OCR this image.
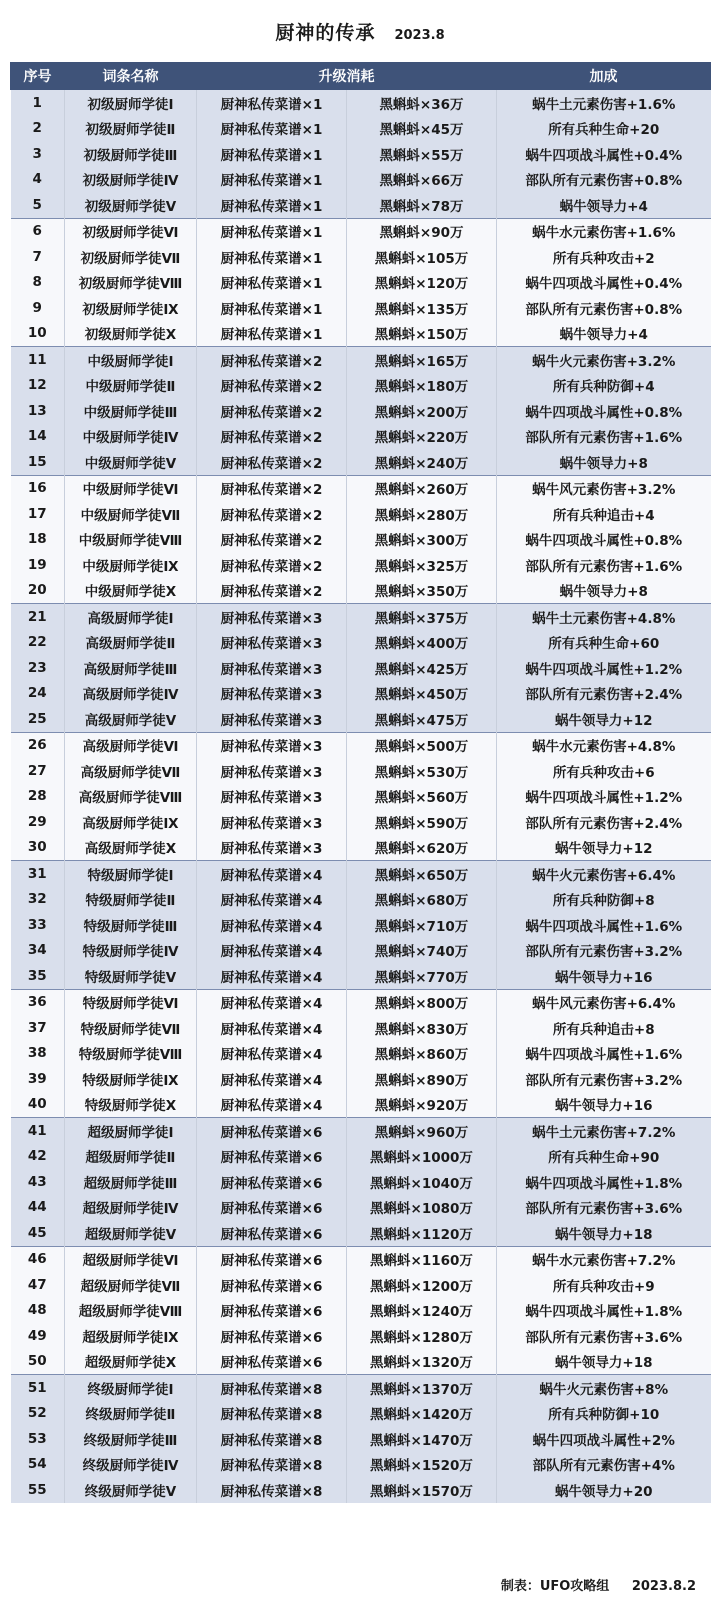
厨神的传承 2023.8
序号	词条名称	升级消耗		加成
1	初级厨师学徒Ⅰ	厨神私传菜谱×1	黑蝌蚪×36万	蜗牛土元素伤害+1.6%
2	初级厨师学徒Ⅱ	厨神私传菜谱×1	黑蝌蚪×45万	所有兵种生命+20
3	初级厨师学徒Ⅲ	厨神私传菜谱×1	黑蝌蚪×55万	蜗牛四项战斗属性+0.4%
4	初级厨师学徒Ⅳ	厨神私传菜谱×1	黑蝌蚪×66万	部队所有元素伤害+0.8%
5	初级厨师学徒Ⅴ	厨神私传菜谱×1	黑蝌蚪×78万	蜗牛领导力+4
6	初级厨师学徒Ⅵ	厨神私传菜谱×1	黑蝌蚪×90万	蜗牛水元素伤害+1.6%
7	初级厨师学徒Ⅶ	厨神私传菜谱×1	黑蝌蚪×105万	所有兵种攻击+2
8	初级厨师学徒Ⅷ	厨神私传菜谱×1	黑蝌蚪×120万	蜗牛四项战斗属性+0.4%
9	初级厨师学徒Ⅸ	厨神私传菜谱×1	黑蝌蚪×135万	部队所有元素伤害+0.8%
10	初级厨师学徒Ⅹ	厨神私传菜谱×1	黑蝌蚪×150万	蜗牛领导力+4
11	中级厨师学徒Ⅰ	厨神私传菜谱×2	黑蝌蚪×165万	蜗牛火元素伤害+3.2%
12	中级厨师学徒Ⅱ	厨神私传菜谱×2	黑蝌蚪×180万	所有兵种防御+4
13	中级厨师学徒Ⅲ	厨神私传菜谱×2	黑蝌蚪×200万	蜗牛四项战斗属性+0.8%
14	中级厨师学徒Ⅳ	厨神私传菜谱×2	黑蝌蚪×220万	部队所有元素伤害+1.6%
15	中级厨师学徒Ⅴ	厨神私传菜谱×2	黑蝌蚪×240万	蜗牛领导力+8
16	中级厨师学徒Ⅵ	厨神私传菜谱×2	黑蝌蚪×260万	蜗牛风元素伤害+3.2%
17	中级厨师学徒Ⅶ	厨神私传菜谱×2	黑蝌蚪×280万	所有兵种追击+4
18	中级厨师学徒Ⅷ	厨神私传菜谱×2	黑蝌蚪×300万	蜗牛四项战斗属性+0.8%
19	中级厨师学徒Ⅸ	厨神私传菜谱×2	黑蝌蚪×325万	部队所有元素伤害+1.6%
20	中级厨师学徒Ⅹ	厨神私传菜谱×2	黑蝌蚪×350万	蜗牛领导力+8
21	高级厨师学徒Ⅰ	厨神私传菜谱×3	黑蝌蚪×375万	蜗牛土元素伤害+4.8%
22	高级厨师学徒Ⅱ	厨神私传菜谱×3	黑蝌蚪×400万	所有兵种生命+60
23	高级厨师学徒Ⅲ	厨神私传菜谱×3	黑蝌蚪×425万	蜗牛四项战斗属性+1.2%
24	高级厨师学徒Ⅳ	厨神私传菜谱×3	黑蝌蚪×450万	部队所有元素伤害+2.4%
25	高级厨师学徒Ⅴ	厨神私传菜谱×3	黑蝌蚪×475万	蜗牛领导力+12
26	高级厨师学徒Ⅵ	厨神私传菜谱×3	黑蝌蚪×500万	蜗牛水元素伤害+4.8%
27	高级厨师学徒Ⅶ	厨神私传菜谱×3	黑蝌蚪×530万	所有兵种攻击+6
28	高级厨师学徒Ⅷ	厨神私传菜谱×3	黑蝌蚪×560万	蜗牛四项战斗属性+1.2%
29	高级厨师学徒Ⅸ	厨神私传菜谱×3	黑蝌蚪×590万	部队所有元素伤害+2.4%
30	高级厨师学徒Ⅹ	厨神私传菜谱×3	黑蝌蚪×620万	蜗牛领导力+12
31	特级厨师学徒Ⅰ	厨神私传菜谱×4	黑蝌蚪×650万	蜗牛火元素伤害+6.4%
32	特级厨师学徒Ⅱ	厨神私传菜谱×4	黑蝌蚪×680万	所有兵种防御+8
33	特级厨师学徒Ⅲ	厨神私传菜谱×4	黑蝌蚪×710万	蜗牛四项战斗属性+1.6%
34	特级厨师学徒Ⅳ	厨神私传菜谱×4	黑蝌蚪×740万	部队所有元素伤害+3.2%
35	特级厨师学徒Ⅴ	厨神私传菜谱×4	黑蝌蚪×770万	蜗牛领导力+16
36	特级厨师学徒Ⅵ	厨神私传菜谱×4	黑蝌蚪×800万	蜗牛风元素伤害+6.4%
37	特级厨师学徒Ⅶ	厨神私传菜谱×4	黑蝌蚪×830万	所有兵种追击+8
38	特级厨师学徒Ⅷ	厨神私传菜谱×4	黑蝌蚪×860万	蜗牛四项战斗属性+1.6%
39	特级厨师学徒Ⅸ	厨神私传菜谱×4	黑蝌蚪×890万	部队所有元素伤害+3.2%
40	特级厨师学徒Ⅹ	厨神私传菜谱×4	黑蝌蚪×920万	蜗牛领导力+16
41	超级厨师学徒Ⅰ	厨神私传菜谱×6	黑蝌蚪×960万	蜗牛土元素伤害+7.2%
42	超级厨师学徒Ⅱ	厨神私传菜谱×6	黑蝌蚪×1000万	所有兵种生命+90
43	超级厨师学徒Ⅲ	厨神私传菜谱×6	黑蝌蚪×1040万	蜗牛四项战斗属性+1.8%
44	超级厨师学徒Ⅳ	厨神私传菜谱×6	黑蝌蚪×1080万	部队所有元素伤害+3.6%
45	超级厨师学徒Ⅴ	厨神私传菜谱×6	黑蝌蚪×1120万	蜗牛领导力+18
46	超级厨师学徒Ⅵ	厨神私传菜谱×6	黑蝌蚪×1160万	蜗牛水元素伤害+7.2%
47	超级厨师学徒Ⅶ	厨神私传菜谱×6	黑蝌蚪×1200万	所有兵种攻击+9
48	超级厨师学徒Ⅷ	厨神私传菜谱×6	黑蝌蚪×1240万	蜗牛四项战斗属性+1.8%
49	超级厨师学徒Ⅸ	厨神私传菜谱×6	黑蝌蚪×1280万	部队所有元素伤害+3.6%
50	超级厨师学徒Ⅹ	厨神私传菜谱×6	黑蝌蚪×1320万	蜗牛领导力+18
51	终级厨师学徒Ⅰ	厨神私传菜谱×8	黑蝌蚪×1370万	蜗牛火元素伤害+8%
52	终级厨师学徒Ⅱ	厨神私传菜谱×8	黑蝌蚪×1420万	所有兵种防御+10
53	终级厨师学徒Ⅲ	厨神私传菜谱×8	黑蝌蚪×1470万	蜗牛四项战斗属性+2%
54	终级厨师学徒Ⅳ	厨神私传菜谱×8	黑蝌蚪×1520万	部队所有元素伤害+4%
55	终级厨师学徒Ⅴ	厨神私传菜谱×8	黑蝌蚪×1570万	蜗牛领导力+20
制表：UFO攻略组 2023.8.2
